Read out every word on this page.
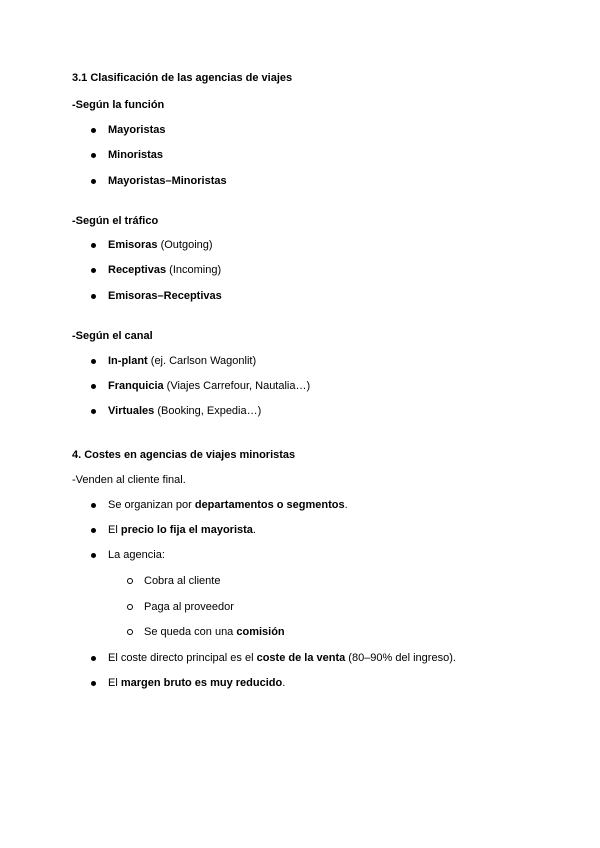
3.1 Clasificación de las agencias de viajes
-Según la función
Mayoristas
Minoristas
Mayoristas–Minoristas
-Según el tráfico
Emisoras (Outgoing)
Receptivas (Incoming)
Emisoras–Receptivas
-Según el canal
In-plant (ej. Carlson Wagonlit)
Franquicia (Viajes Carrefour, Nautalia…)
Virtuales (Booking, Expedia…)
4. Costes en agencias de viajes minoristas
-Venden al cliente final.
Se organizan por departamentos o segmentos.
El precio lo fija el mayorista.
La agencia:
Cobra al cliente
Paga al proveedor
Se queda con una comisión
El coste directo principal es el coste de la venta (80–90% del ingreso).
El margen bruto es muy reducido.
